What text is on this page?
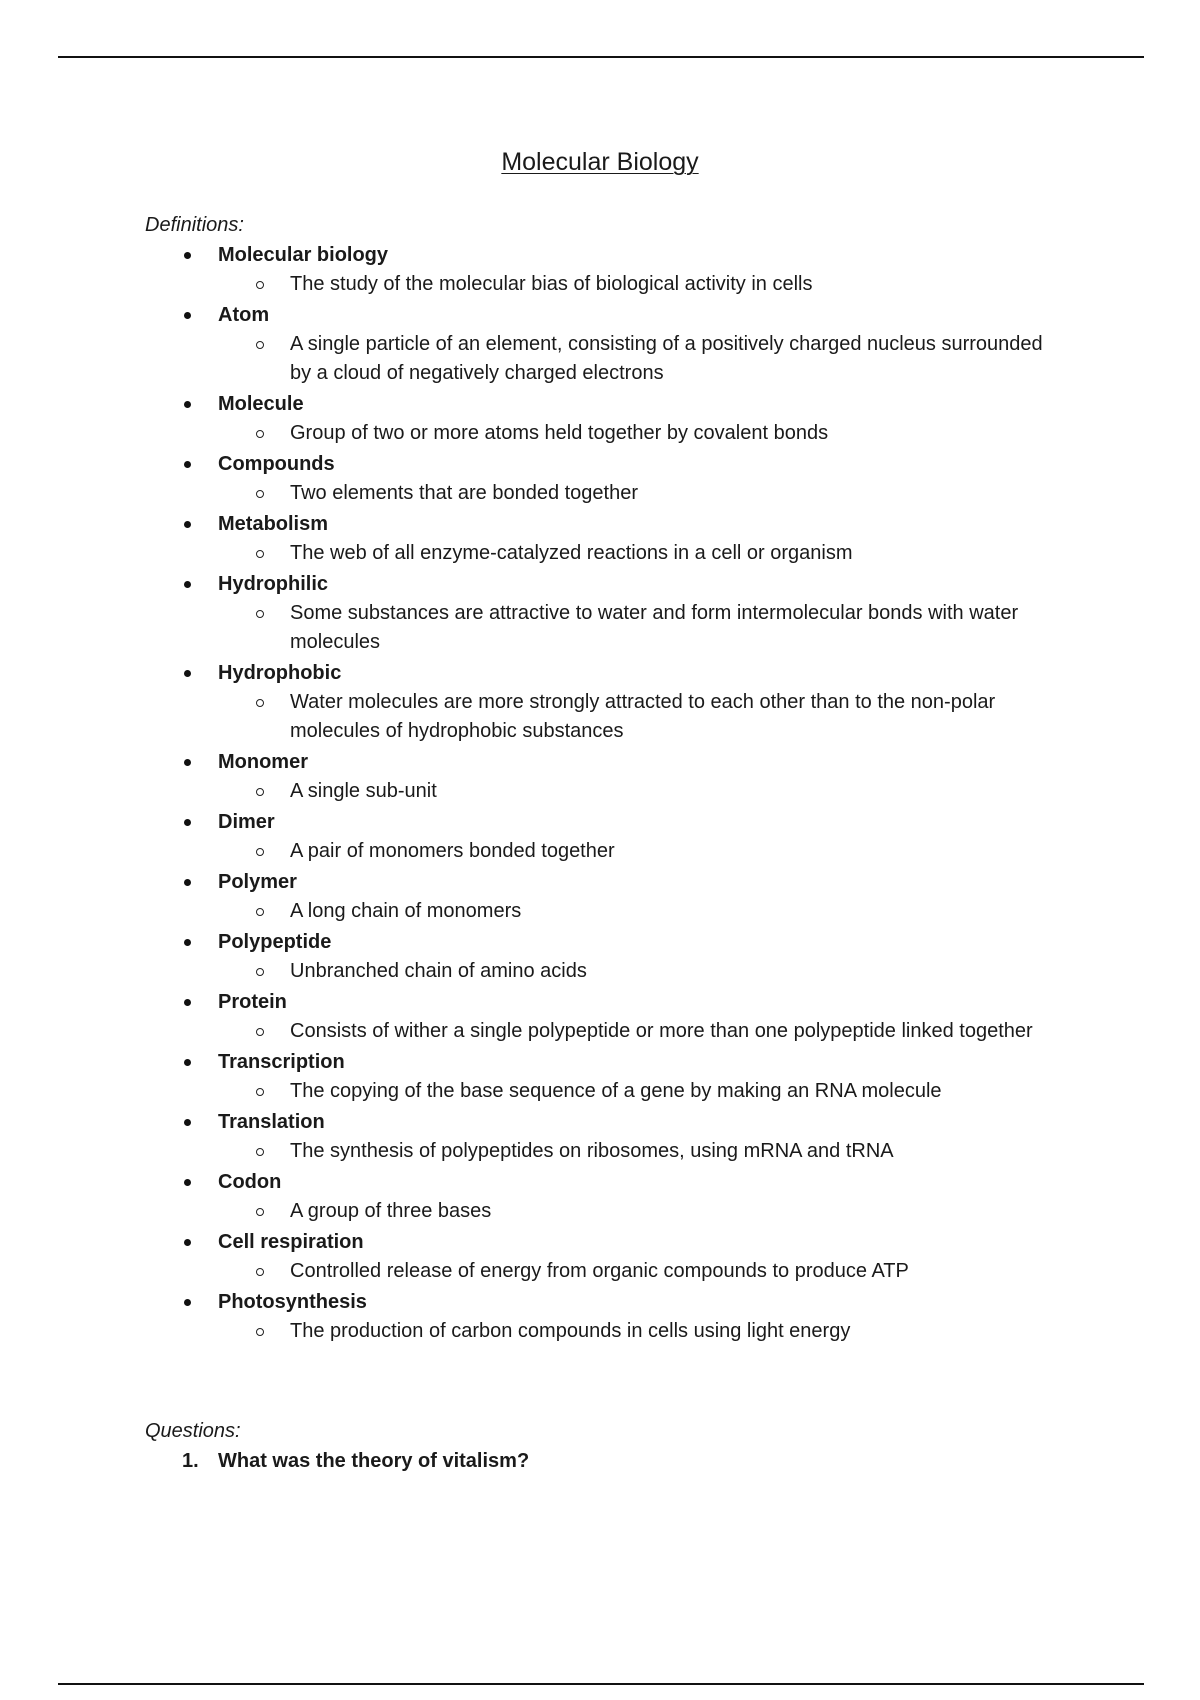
Molecular Biology
Definitions:
Molecular biology
The study of the molecular bias of biological activity in cells
Atom
A single particle of an element, consisting of a positively charged nucleus surrounded by a cloud of negatively charged electrons
Molecule
Group of two or more atoms held together by covalent bonds
Compounds
Two elements that are bonded together
Metabolism
The web of all enzyme-catalyzed reactions in a cell or organism
Hydrophilic
Some substances are attractive to water and form intermolecular bonds with water molecules
Hydrophobic
Water molecules are more strongly attracted to each other than to the non-polar molecules of hydrophobic substances
Monomer
A single sub-unit
Dimer
A pair of monomers bonded together
Polymer
A long chain of monomers
Polypeptide
Unbranched chain of amino acids
Protein
Consists of wither a single polypeptide or more than one polypeptide linked together
Transcription
The copying of the base sequence of a gene by making an RNA molecule
Translation
The synthesis of polypeptides on ribosomes, using mRNA and tRNA
Codon
A group of three bases
Cell respiration
Controlled release of energy from organic compounds to produce ATP
Photosynthesis
The production of carbon compounds in cells using light energy
Questions:
1. What was the theory of vitalism?
